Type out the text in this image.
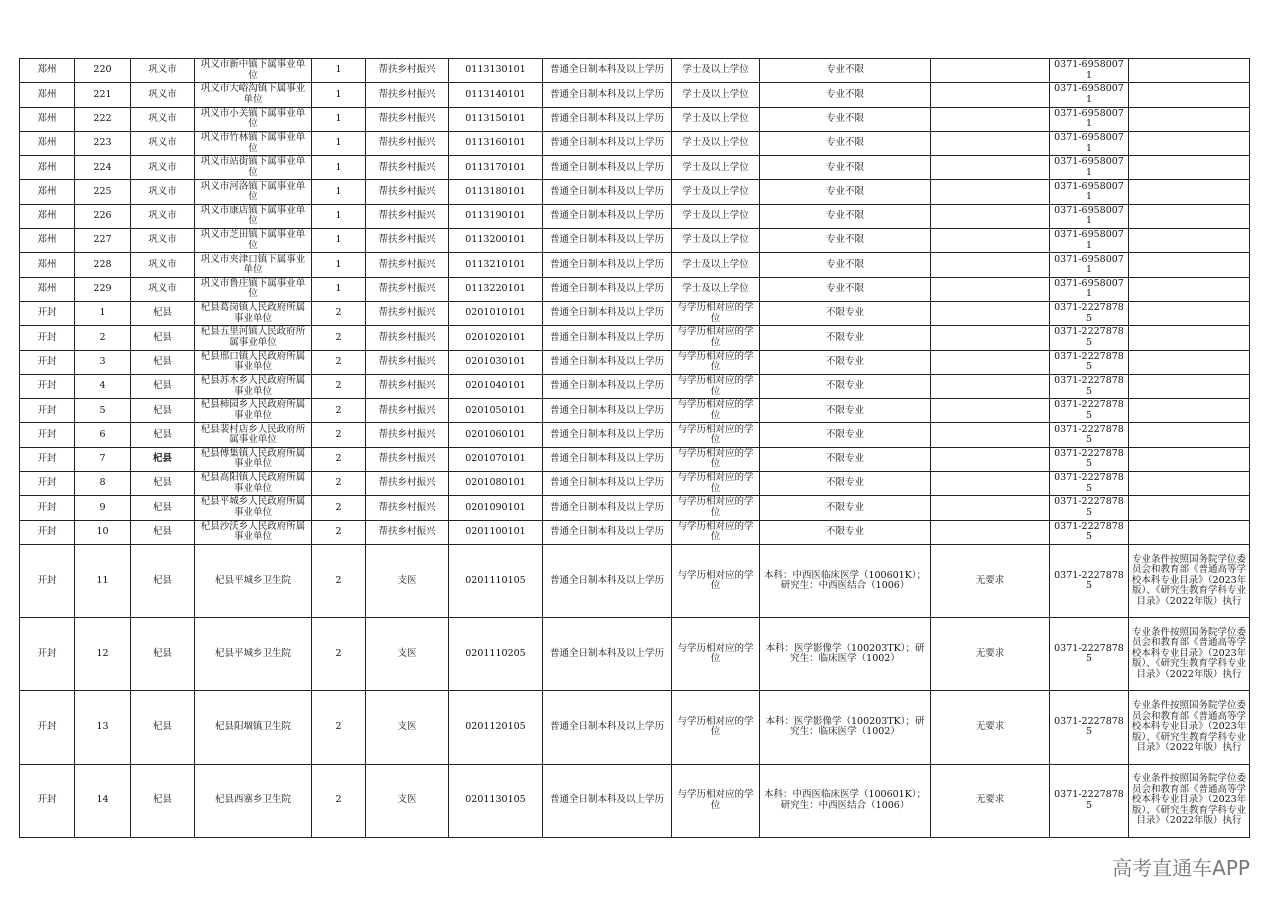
郑州	220	巩义市	巩义市新中镇下属事业单位	1	帮扶乡村振兴	0113130101	普通全日制本科及以上学历	学士及以上学位	专业不限		0371-69580071	
郑州	221	巩义市	巩义市大峪沟镇下属事业单位	1	帮扶乡村振兴	0113140101	普通全日制本科及以上学历	学士及以上学位	专业不限		0371-69580071	
郑州	222	巩义市	巩义市小关镇下属事业单位	1	帮扶乡村振兴	0113150101	普通全日制本科及以上学历	学士及以上学位	专业不限		0371-69580071	
郑州	223	巩义市	巩义市竹林镇下属事业单位	1	帮扶乡村振兴	0113160101	普通全日制本科及以上学历	学士及以上学位	专业不限		0371-69580071	
郑州	224	巩义市	巩义市站街镇下属事业单位	1	帮扶乡村振兴	0113170101	普通全日制本科及以上学历	学士及以上学位	专业不限		0371-69580071	
郑州	225	巩义市	巩义市河洛镇下属事业单位	1	帮扶乡村振兴	0113180101	普通全日制本科及以上学历	学士及以上学位	专业不限		0371-69580071	
郑州	226	巩义市	巩义市康店镇下属事业单位	1	帮扶乡村振兴	0113190101	普通全日制本科及以上学历	学士及以上学位	专业不限		0371-69580071	
郑州	227	巩义市	巩义市芝田镇下属事业单位	1	帮扶乡村振兴	0113200101	普通全日制本科及以上学历	学士及以上学位	专业不限		0371-69580071	
郑州	228	巩义市	巩义市夹津口镇下属事业单位	1	帮扶乡村振兴	0113210101	普通全日制本科及以上学历	学士及以上学位	专业不限		0371-69580071	
郑州	229	巩义市	巩义市鲁庄镇下属事业单位	1	帮扶乡村振兴	0113220101	普通全日制本科及以上学历	学士及以上学位	专业不限		0371-69580071	
开封	1	杞县	杞县葛岗镇人民政府所属事业单位	2	帮扶乡村振兴	0201010101	普通全日制本科及以上学历	与学历相对应的学位	不限专业		0371-22278785	
开封	2	杞县	杞县五里河镇人民政府所属事业单位	2	帮扶乡村振兴	0201020101	普通全日制本科及以上学历	与学历相对应的学位	不限专业		0371-22278785	
开封	3	杞县	杞县邢口镇人民政府所属事业单位	2	帮扶乡村振兴	0201030101	普通全日制本科及以上学历	与学历相对应的学位	不限专业		0371-22278785	
开封	4	杞县	杞县苏木乡人民政府所属事业单位	2	帮扶乡村振兴	0201040101	普通全日制本科及以上学历	与学历相对应的学位	不限专业		0371-22278785	
开封	5	杞县	杞县柿园乡人民政府所属事业单位	2	帮扶乡村振兴	0201050101	普通全日制本科及以上学历	与学历相对应的学位	不限专业		0371-22278785	
开封	6	杞县	杞县裴村店乡人民政府所属事业单位	2	帮扶乡村振兴	0201060101	普通全日制本科及以上学历	与学历相对应的学位	不限专业		0371-22278785	
开封	7	杞县	杞县傅集镇人民政府所属事业单位	2	帮扶乡村振兴	0201070101	普通全日制本科及以上学历	与学历相对应的学位	不限专业		0371-22278785	
开封	8	杞县	杞县高阳镇人民政府所属事业单位	2	帮扶乡村振兴	0201080101	普通全日制本科及以上学历	与学历相对应的学位	不限专业		0371-22278785	
开封	9	杞县	杞县平城乡人民政府所属事业单位	2	帮扶乡村振兴	0201090101	普通全日制本科及以上学历	与学历相对应的学位	不限专业		0371-22278785	
开封	10	杞县	杞县沙沃乡人民政府所属事业单位	2	帮扶乡村振兴	0201100101	普通全日制本科及以上学历	与学历相对应的学位	不限专业		0371-22278785	
开封	11	杞县	杞县平城乡卫生院	2	支医	0201110105	普通全日制本科及以上学历	与学历相对应的学位	本科：中西医临床医学（100601K）；研究生：中西医结合（1006）	无要求	0371-22278785	专业条件按照国务院学位委员会和教育部《普通高等学校本科专业目录》（2023年版）、《研究生教育学科专业目录》（2022年版）执行
开封	12	杞县	杞县平城乡卫生院	2	支医	0201110205	普通全日制本科及以上学历	与学历相对应的学位	本科：医学影像学（100203TK）；研究生：临床医学（1002）	无要求	0371-22278785	专业条件按照国务院学位委员会和教育部《普通高等学校本科专业目录》（2023年版）、《研究生教育学科专业目录》（2022年版）执行
开封	13	杞县	杞县阳堌镇卫生院	2	支医	0201120105	普通全日制本科及以上学历	与学历相对应的学位	本科：医学影像学（100203TK）；研究生：临床医学（1002）	无要求	0371-22278785	专业条件按照国务院学位委员会和教育部《普通高等学校本科专业目录》（2023年版）、《研究生教育学科专业目录》（2022年版）执行
开封	14	杞县	杞县西寨乡卫生院	2	支医	0201130105	普通全日制本科及以上学历	与学历相对应的学位	本科：中西医临床医学（100601K）；研究生：中西医结合（1006）	无要求	0371-22278785	专业条件按照国务院学位委员会和教育部《普通高等学校本科专业目录》（2023年版）、《研究生教育学科专业目录》（2022年版）执行
高考直通车APP
